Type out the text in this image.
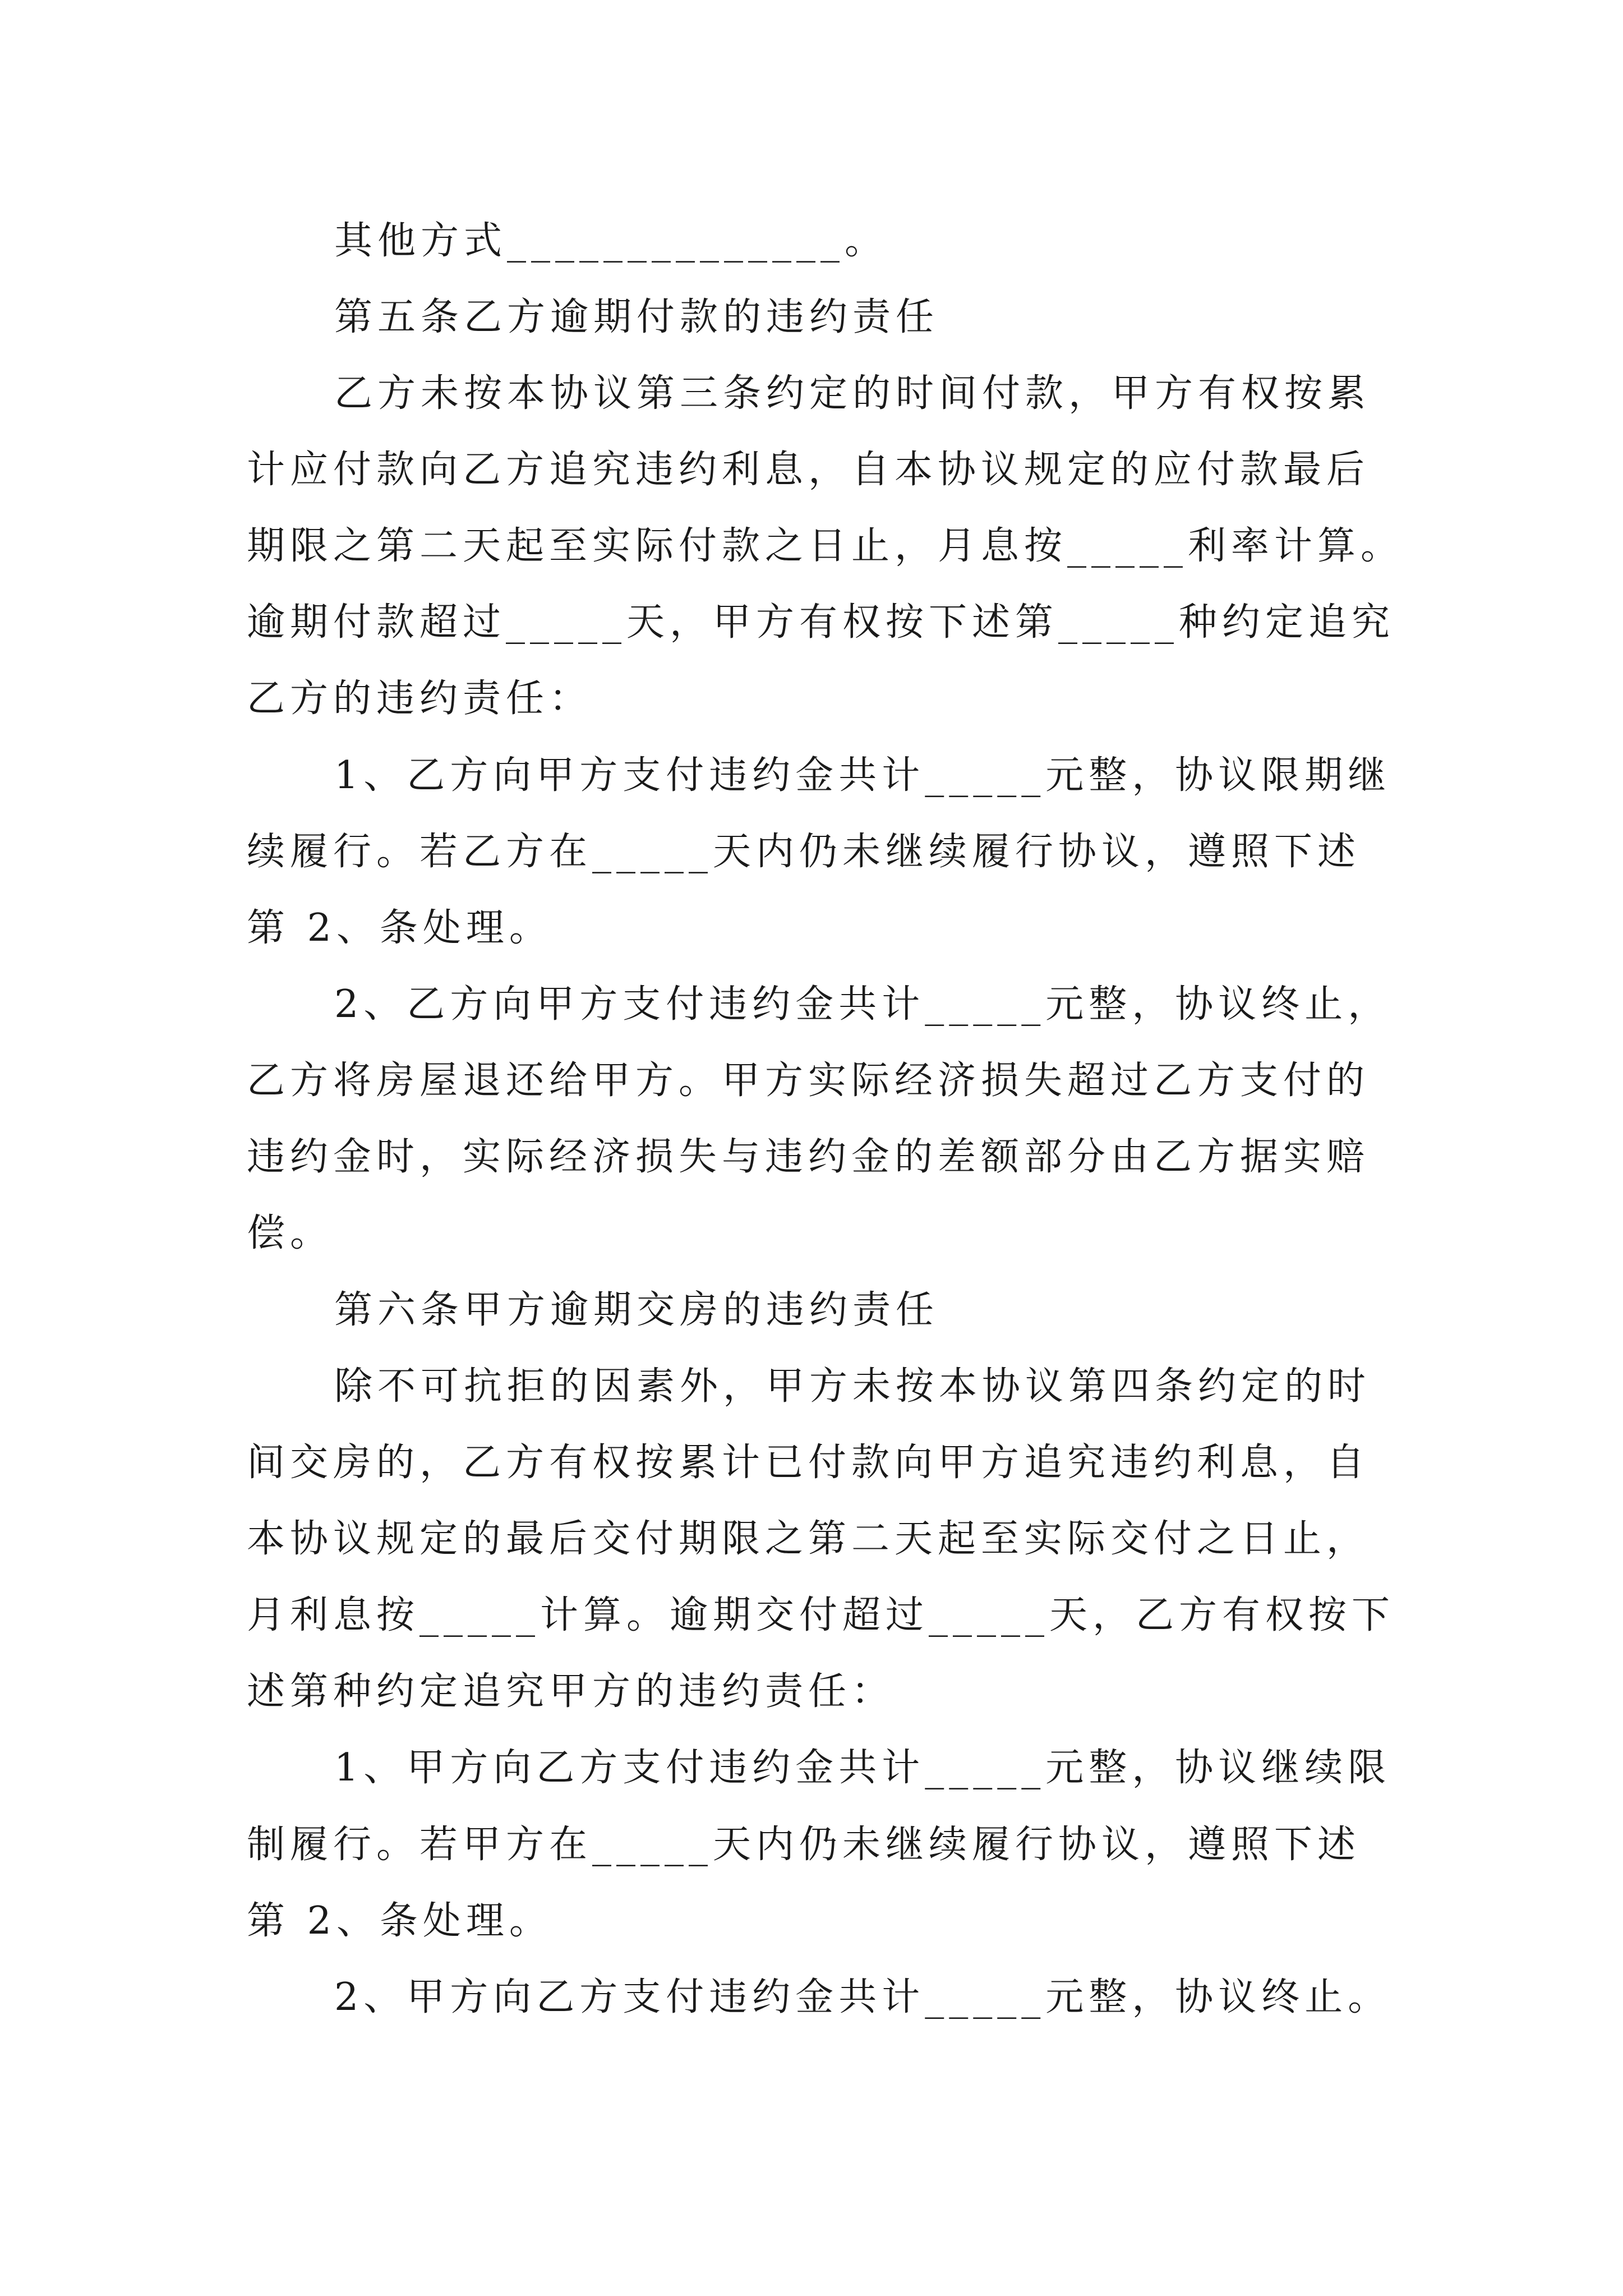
其他方式______________。
第五条乙方逾期付款的违约责任
乙方未按本协议第三条约定的时间付款，甲方有权按累
计应付款向乙方追究违约利息，自本协议规定的应付款最后
期限之第二天起至实际付款之日止，月息按_____利率计算。
逾期付款超过_____天，甲方有权按下述第_____种约定追究
乙方的违约责任：
1、乙方向甲方支付违约金共计_____元整，协议限期继
续履行。若乙方在_____天内仍未继续履行协议，遵照下述
第 2、条处理。
2、乙方向甲方支付违约金共计_____元整，协议终止，
乙方将房屋退还给甲方。甲方实际经济损失超过乙方支付的
违约金时，实际经济损失与违约金的差额部分由乙方据实赔
偿。
第六条甲方逾期交房的违约责任
除不可抗拒的因素外，甲方未按本协议第四条约定的时
间交房的，乙方有权按累计已付款向甲方追究违约利息，自
本协议规定的最后交付期限之第二天起至实际交付之日止，
月利息按_____计算。逾期交付超过_____天，乙方有权按下
述第种约定追究甲方的违约责任：
1、甲方向乙方支付违约金共计_____元整，协议继续限
制履行。若甲方在_____天内仍未继续履行协议，遵照下述
第 2、条处理。
2、甲方向乙方支付违约金共计_____元整，协议终止。
